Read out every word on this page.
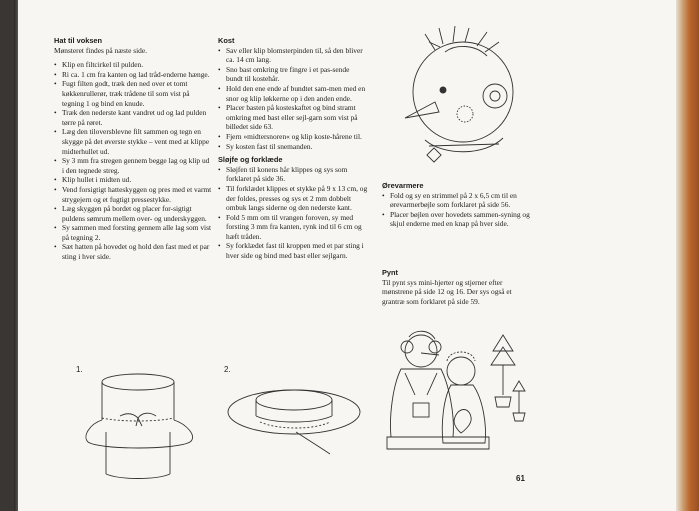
Hat til voksen

Mønsteret findes på næste side.

• Klip en filtcirkel til pulden.
• Ri ca. 1 cm fra kanten og lad tråd-enderne hænge.
• Fugt filten godt, træk den ned over et tomt køkkenrullerør, træk trådene til som vist på tegning 1 og bind en knude.
• Træk den nederste kant vandret ud og lad pulden tørre på røret.
• Læg den tiloversblevne filt sammen og tegn en skygge på det øverste stykke – vent med at klippe midterhullet ud.
• Sy 3 mm fra stregen gennem begge lag og klip ud i den tegnede streg.
• Klip hullet i midten ud.
• Vend forsigtigt hatteskyggen og pres med et varmt strygejern og et fugtigt pressestykke.
• Læg skyggen på bordet og placer for-sigtigt puldens sømrum mellem over- og underskyggen.
• Sy sammen med forsting gennem alle lag som vist på tegning 2.
• Sæt hatten på hovedet og hold den fast med et par sting i hver side.
Kost
• Sav eller klip blomsterpinden til, så den bliver ca. 14 cm lang.
• Sno bast omkring tre fingre i et pas-sende bundt til kostehår.
• Hold den ene ende af bundtet sam-men med en snor og klip løkkerne op i den anden ende.
• Placer basten på kosteskaftet og bind stramt omkring med bast eller sejl-garn som vist på billedet side 63.
• Fjern »midtersnoren« og klip koste-hårene til.
• Sy kosten fast til snemanden.
Sløjfe og forklæde
• Sløjfen til konens hår klippes og sys som forklaret på side 36.
• Til forklædet klippes et stykke på 9 x 13 cm, og der foldes, presses og sys et 2 mm dobbelt ombuk langs siderne og den nederste kant.
• Fold 5 mm om til vrangen foroven, sy med forsting 3 mm fra kanten, rynk ind til 6 cm og hæft tråden.
• Sy forklædet fast til kroppen med et par sting i hver side og bind med bast eller sejlgarn.
Ørevarmere
• Fold og sy en strimmel på 2 x 6,5 cm til en ørevarmerbøjle som forklaret på side 56.
• Placer bøjlen over hovedets sammen-syning og skjul enderne med en knap på hver side.
Pynt

Til pynt sys mini-hjerter og stjerner efter mønstrene på side 12 og 16. Der sys også et grantræ som forklaret på side 59.

1.	2.
61
